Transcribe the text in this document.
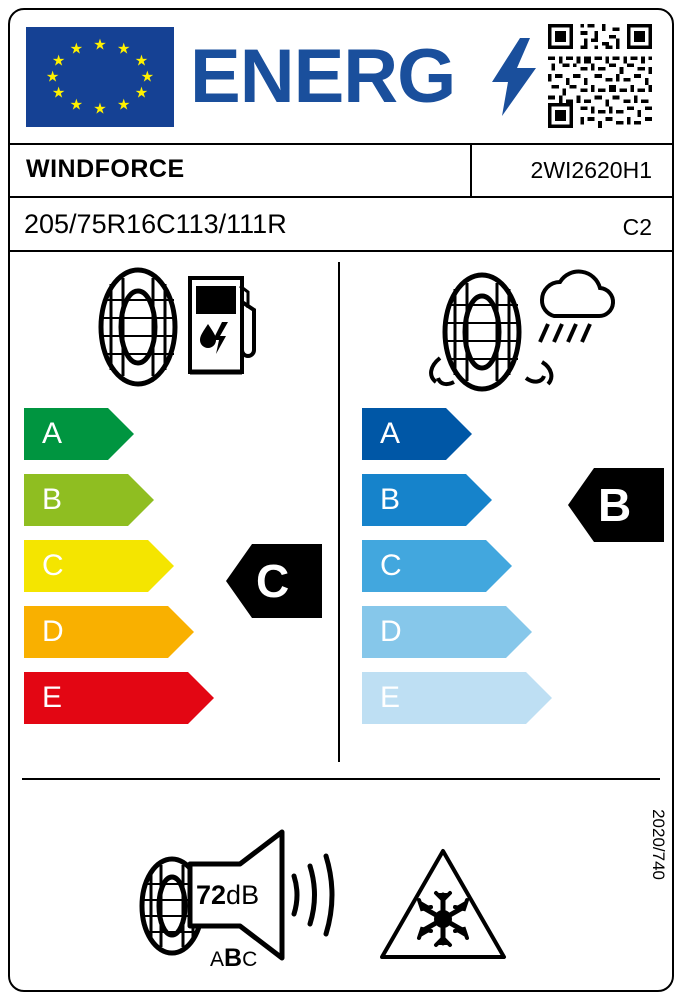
★
★
★
★
★
★ ★ ★
★
★
★
★ ENERG
WINDFORCE	2WI2620H1
205/75R16C113/111R	C2
A
B
C
D
E
A
B
C
D
E
C
B
72dB
ABC
2020/740
